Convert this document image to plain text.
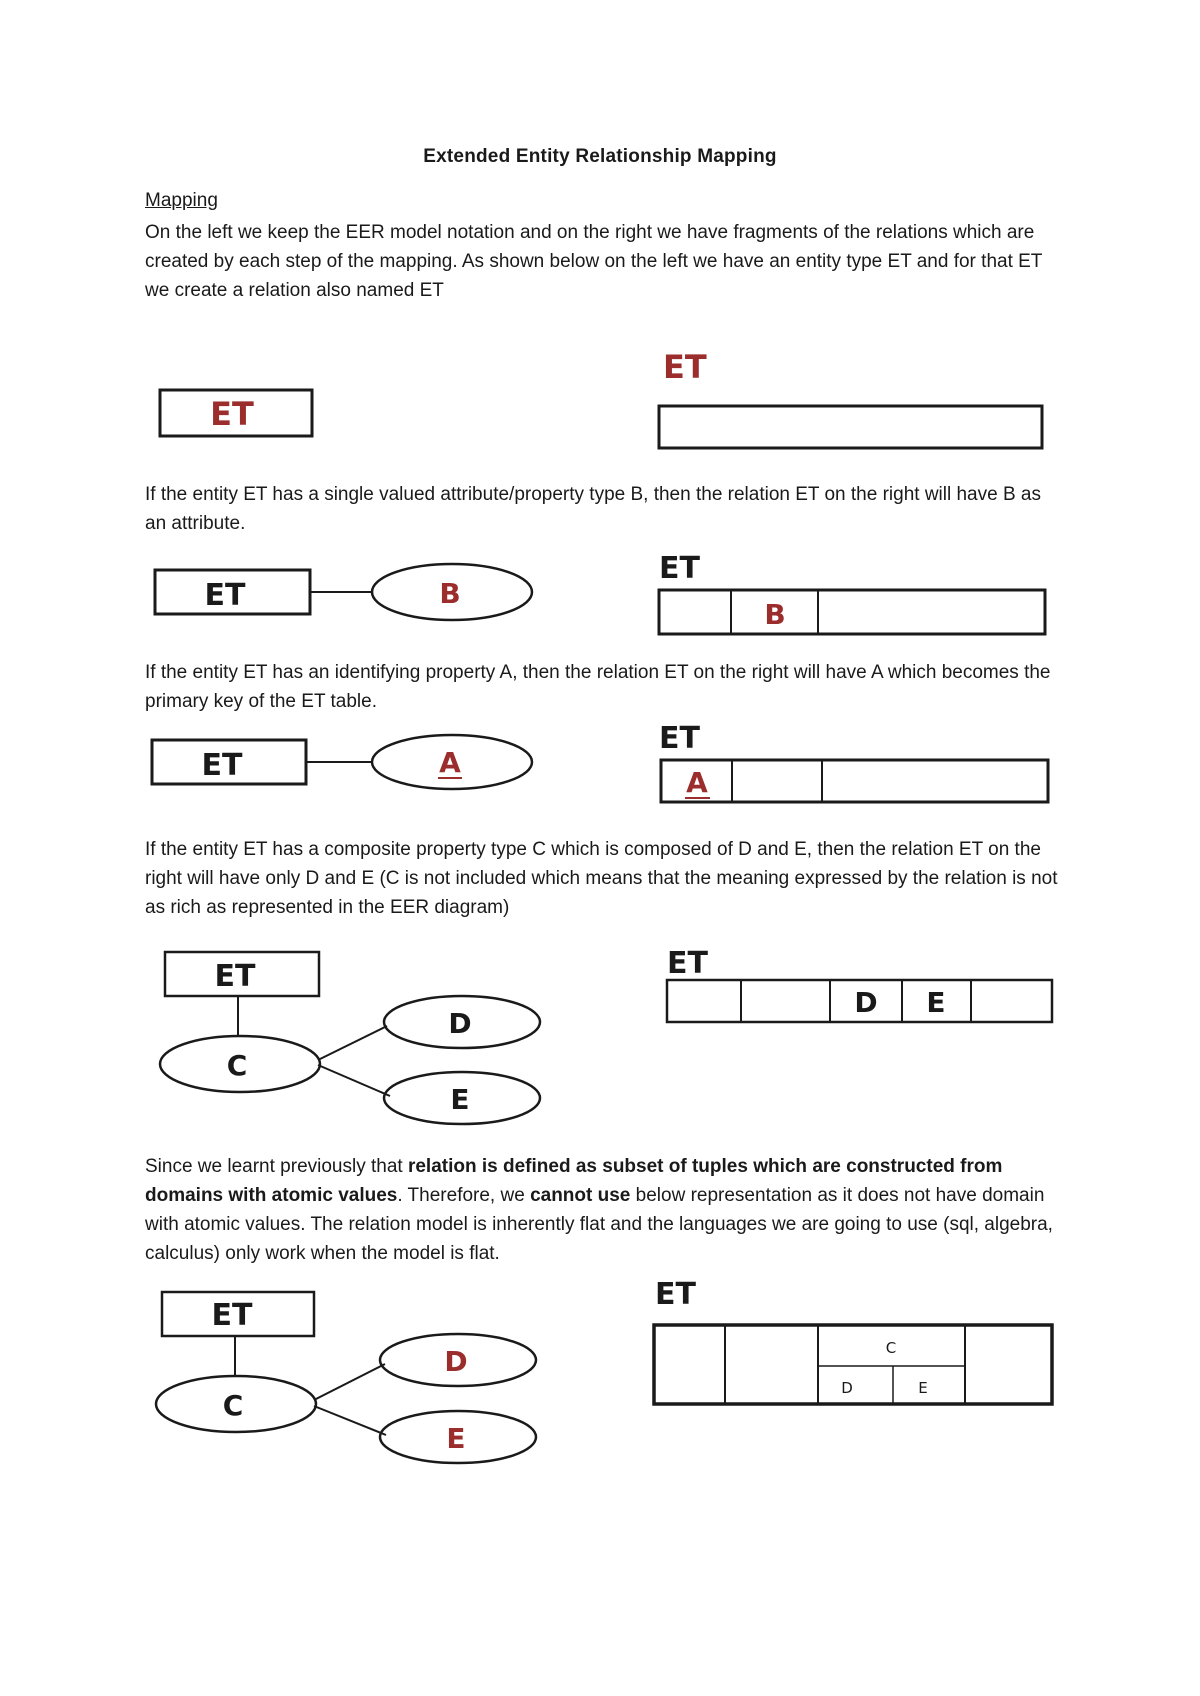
Extended Entity Relationship Mapping
Mapping

On the left we keep the EER model notation and on the right we have fragments of the relations which are created by each step of the mapping. As shown below on the left we have an entity type ET and for that ET we create a relation also named ET

ET
ET

If the entity ET has a single valued attribute/property type B, then the relation ET on the right will have B as an attribute.

ET	B
ET
B

If the entity ET has an identifying property A, then the relation ET on the right will have A which becomes the primary key of the ET table.

ET	A
ET
A

If the entity ET has a composite property type C which is composed of D and E, then the relation ET on the right will have only D and E (C is not included which means that the meaning expressed by the relation is not as rich as represented in the EER diagram)

ET
C
D
E
ET
D E

Since we learnt previously that relation is defined as subset of tuples which are constructed from domains with atomic values. Therefore, we cannot use below representation as it does not have domain with atomic values. The relation model is inherently flat and the languages we are going to use (sql, algebra, calculus) only work when the model is flat.

ET
C
D
E
ET
C
D	E
